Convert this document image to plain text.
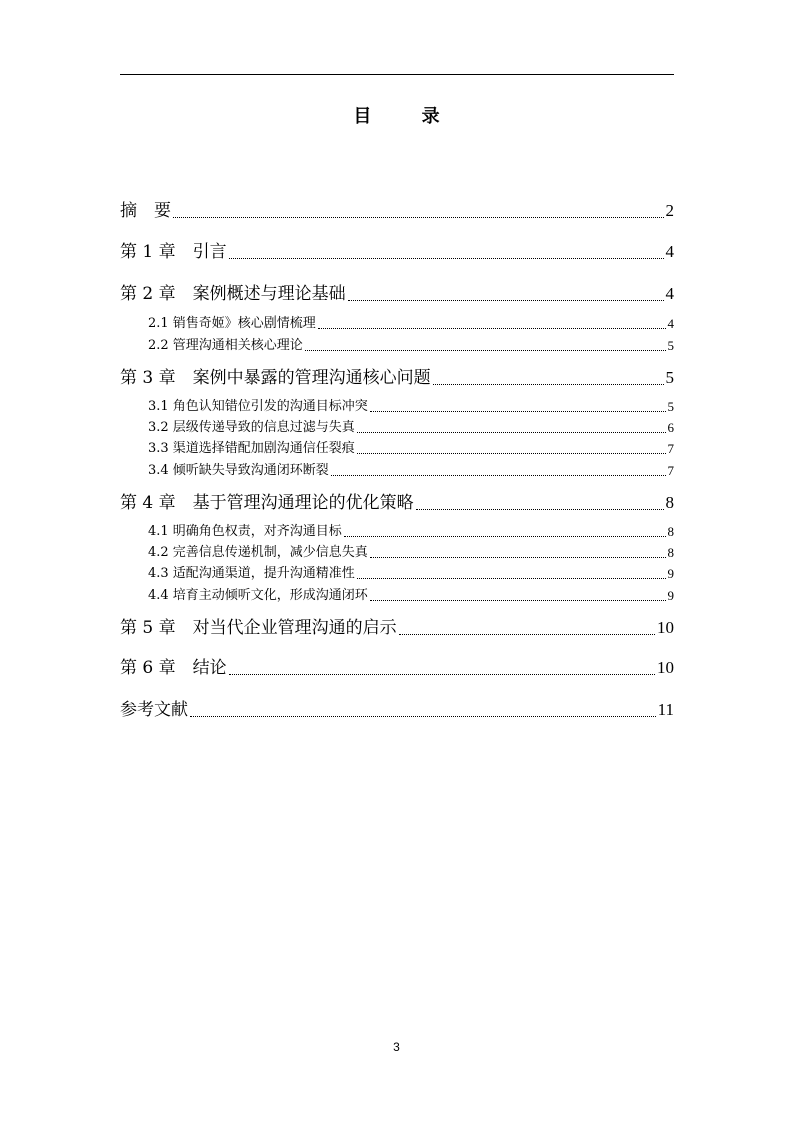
目 录
摘　要	2
第 1 章　引言	4
第 2 章　案例概述与理论基础	4
2.1 销售奇姬》核心剧情梳理	4
2.2 管理沟通相关核心理论	5
第 3 章　案例中暴露的管理沟通核心问题	5
3.1 角色认知错位引发的沟通目标冲突	5
3.2 层级传递导致的信息过滤与失真	6
3.3 渠道选择错配加剧沟通信任裂痕	7
3.4 倾听缺失导致沟通闭环断裂	7
第 4 章　基于管理沟通理论的优化策略	8
4.1 明确角色权责，对齐沟通目标	8
4.2 完善信息传递机制，减少信息失真	8
4.3 适配沟通渠道，提升沟通精准性	9
4.4 培育主动倾听文化，形成沟通闭环	9
第 5 章　对当代企业管理沟通的启示	10
第 6 章　结论	10
参考文献	11
3
